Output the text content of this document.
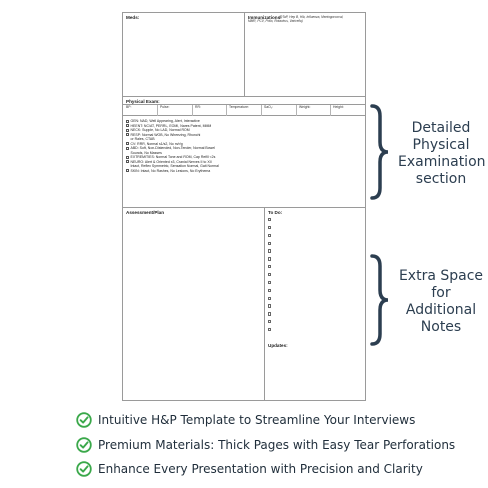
Meds:	Immunizations:
(DTaP, Hep B, Hib, Influenza, Meningococcal, MMR, PCV, Polio, Rotavirus, Varicella)
Physical Exam:
BP:	Pulse:	RR:	Temperature:	SaO₂:	Weight:	Height:
GEN: NAD, Well Appearing, Alert, Interactive
HEENT: NC/AT, PERRL, EOMI, Nares Patent, MMM
NECK: Supple, No LAD, Normal ROM
RESP: Normal WOB, No Wheezing, Rhonchi
or Rales, CTAB
CV: RRR, Normal s1/s2, No m/r/g
ABD: Soft, Non-Distended, Non-Tender, Normal Bowel
Sounds, No Masses
EXTREMITIES: Normal Tone and ROM, Cap Refill <2s
NEURO: Alert & Oriented x3, Cranial Nerves II to XII
Intact, Reflex Symmetric, Sensation Normal, Gait Normal
SKIN: Intact, No Rashes, No Lesions, No Erythema
Assessment/Plan	To Do:
Updates:
Detailed
Physical
Examination
section
Extra Space
for
Additional
Notes
Intuitive H&P Template to Streamline Your Interviews
Premium Materials: Thick Pages with Easy Tear Perforations
Enhance Every Presentation with Precision and Clarity
